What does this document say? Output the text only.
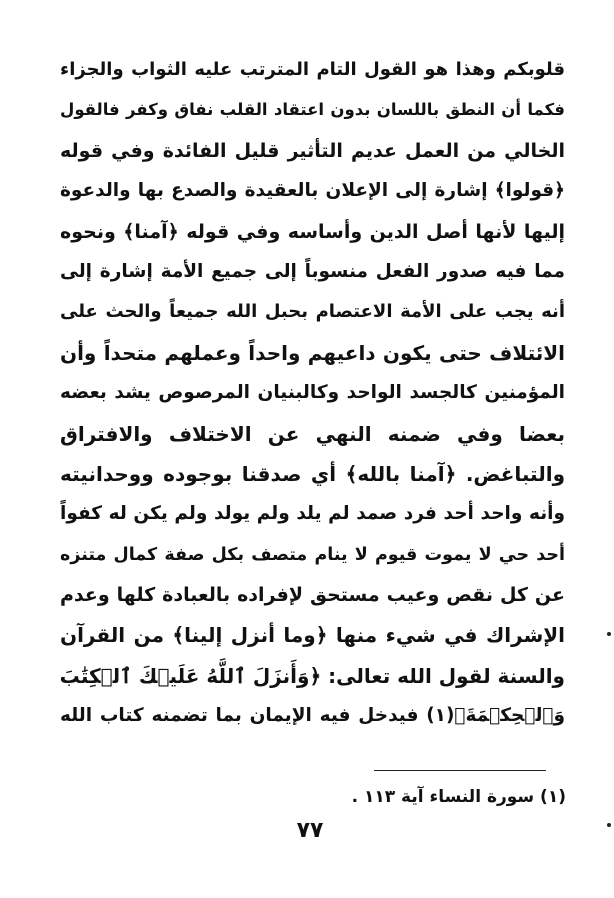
قلوبكم وهذا هو القول التام المترتب عليه الثواب والجزاء
فكما أن النطق باللسان بدون اعتقاد القلب نفاق وكفر فالقول
الخالي من العمل عديم التأثير قليل الفائدة وفي قوله
﴿قولوا﴾ إشارة إلى الإعلان بالعقيدة والصدع بها والدعوة
إليها لأنها أصل الدين وأساسه وفي قوله ﴿آمنا﴾ ونحوه
مما فيه صدور الفعل منسوباً إلى جميع الأمة إشارة إلى
أنه يجب على الأمة الاعتصام بحبل الله جميعاً والحث على
الائتلاف حتى يكون داعيهم واحداً وعملهم متحداً وأن
المؤمنين كالجسد الواحد وكالبنيان المرصوص يشد بعضه
بعضا وفي ضمنه النهي عن الاختلاف والافتراق
والتباغض. ﴿آمنا بالله﴾ أي صدقنا بوجوده ووحدانيته
وأنه واحد أحد فرد صمد لم يلد ولم يولد ولم يكن له كفواً
أحد حي لا يموت قيوم لا ينام متصف بكل صفة كمال متنزه
عن كل نقص وعيب مستحق لإفراده بالعبادة كلها وعدم
الإشراك في شيء منها ﴿وما أنزل إلينا﴾ من القرآن
والسنة لقول الله تعالى: ﴿وَأَنزَلَ ٱللَّهُ عَلَيۡكَ ٱلۡكِتَٰبَ
وَٱلۡحِكۡمَةَ﴾(١) فيدخل فيه الإيمان بما تضمنه كتاب الله
(١) سورة النساء آية ١١٣ .
٧٧
